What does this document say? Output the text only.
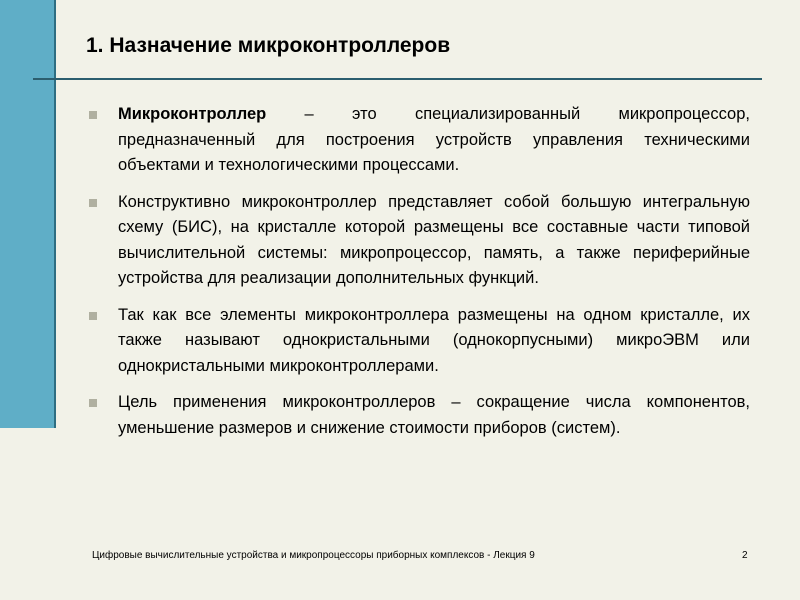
1. Назначение микроконтроллеров
Микроконтроллер – это специализированный микропроцессор, предназначенный для построения устройств управления техническими объектами и технологическими процессами.
Конструктивно микроконтроллер представляет собой большую интегральную схему (БИС), на кристалле которой размещены все составные части типовой вычислительной системы: микропроцессор, память, а также периферийные устройства для реализации дополнительных функций.
Так как все элементы микроконтроллера размещены на одном кристалле, их также называют однокристальными (однокорпусными) микроЭВМ или однокристальными микроконтроллерами.
Цель применения микроконтроллеров – сокращение числа компонентов, уменьшение размеров и снижение стоимости приборов (систем).
Цифровые вычислительные устройства и микропроцессоры приборных комплексов - Лекция 9	2
